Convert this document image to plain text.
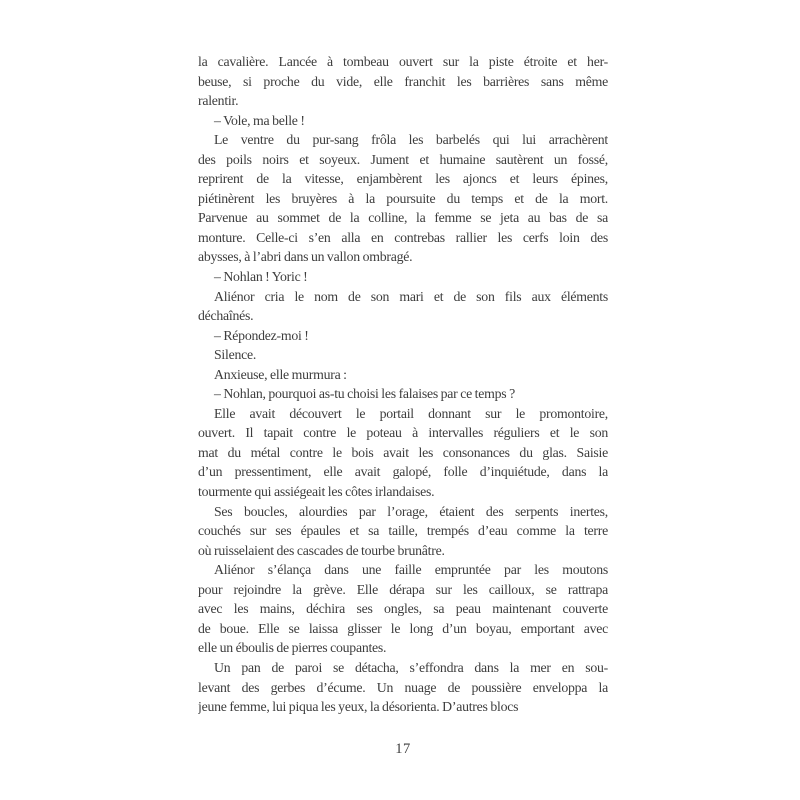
la cavalière. Lancée à tombeau ouvert sur la piste étroite et her-
beuse, si proche du vide, elle franchit les barrières sans même
ralentir.
– Vole, ma belle !
Le ventre du pur-sang frôla les barbelés qui lui arrachèrent
des poils noirs et soyeux. Jument et humaine sautèrent un fossé,
reprirent de la vitesse, enjambèrent les ajoncs et leurs épines,
piétinèrent les bruyères à la poursuite du temps et de la mort.
Parvenue au sommet de la colline, la femme se jeta au bas de sa
monture. Celle-ci s’en alla en contrebas rallier les cerfs loin des
abysses, à l’abri dans un vallon ombragé.
– Nohlan ! Yoric !
Aliénor cria le nom de son mari et de son fils aux éléments
déchaînés.
– Répondez-moi !
Silence.
Anxieuse, elle murmura :
– Nohlan, pourquoi as-tu choisi les falaises par ce temps ?
Elle avait découvert le portail donnant sur le promontoire,
ouvert. Il tapait contre le poteau à intervalles réguliers et le son
mat du métal contre le bois avait les consonances du glas. Saisie
d’un pressentiment, elle avait galopé, folle d’inquiétude, dans la
tourmente qui assiégeait les côtes irlandaises.
Ses boucles, alourdies par l’orage, étaient des serpents inertes,
couchés sur ses épaules et sa taille, trempés d’eau comme la terre
où ruisselaient des cascades de tourbe brunâtre.
Aliénor s’élança dans une faille empruntée par les moutons
pour rejoindre la grève. Elle dérapa sur les cailloux, se rattrapa
avec les mains, déchira ses ongles, sa peau maintenant couverte
de boue. Elle se laissa glisser le long d’un boyau, emportant avec
elle un éboulis de pierres coupantes.
Un pan de paroi se détacha, s’effondra dans la mer en sou-
levant des gerbes d’écume. Un nuage de poussière enveloppa la
jeune femme, lui piqua les yeux, la désorienta. D’autres blocs
17
